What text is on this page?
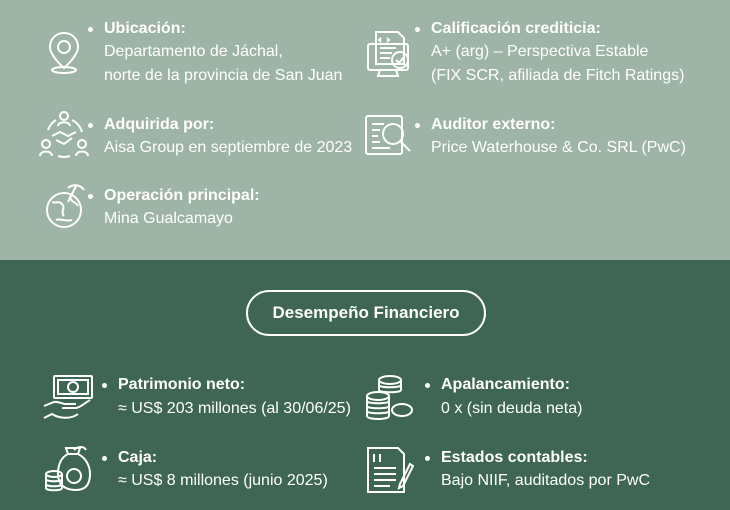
Ubicación:
Departamento de Jáchal,
norte de la provincia de San Juan
Calificación crediticia:
A+ (arg) – Perspectiva Estable
(FIX SCR, afiliada de Fitch Ratings)
Adquirida por:
Aisa Group en septiembre de 2023
Auditor externo:
Price Waterhouse & Co. SRL (PwC)
Operación principal:
Mina Gualcamayo
Desempeño Financiero
Patrimonio neto:
≈ US$ 203 millones (al 30/06/25)
Apalancamiento:
0 x (sin deuda neta)
Caja:
≈ US$ 8 millones (junio 2025)
Estados contables:
Bajo NIIF, auditados por PwC
